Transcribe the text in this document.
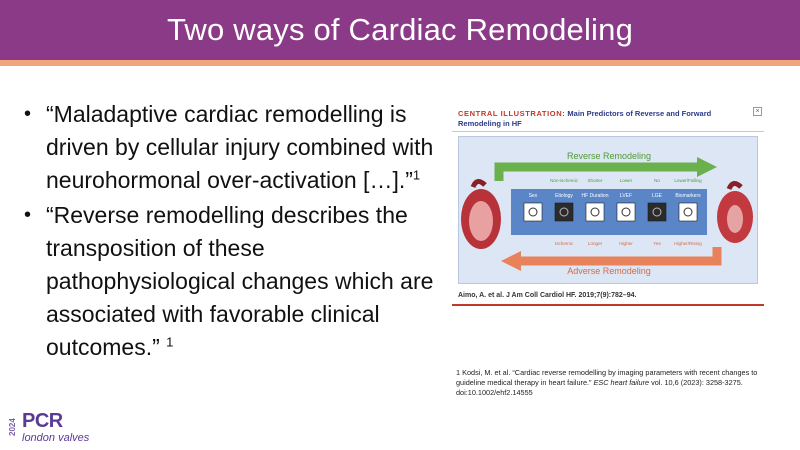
Two ways of Cardiac Remodeling
• “Maladaptive cardiac remodelling is driven by cellular injury combined with neurohormonal over-activation […].”$^1$
• “Reverse remodelling describes the transposition of these pathophysiological changes which are associated with favorable clinical outcomes.” $^1$
CENTRAL ILLUSTRATION: Main Predictors of Reverse and Forward Remodeling in HF
×
Reverse Remodeling
Adverse Remodeling
Sex
Non-ischemic
Etiology
Ischemic
Shorter
HF Duration
Longer
Lower
LVEF
Higher
No
LGE
Yes
Lower/Falling
Biomarkers
Higher/Rising
Aimo, A. et al. J Am Coll Cardiol HF. 2019;7(9):782–94.
1 Kodsi, M. et al. “Cardiac reverse remodelling by imaging parameters with recent changes to guideline medical therapy in heart failure.” ESC heart failure vol. 10,6 (2023): 3258-3275. doi:10.1002/ehf2.14555
2024 PCR
london valves
